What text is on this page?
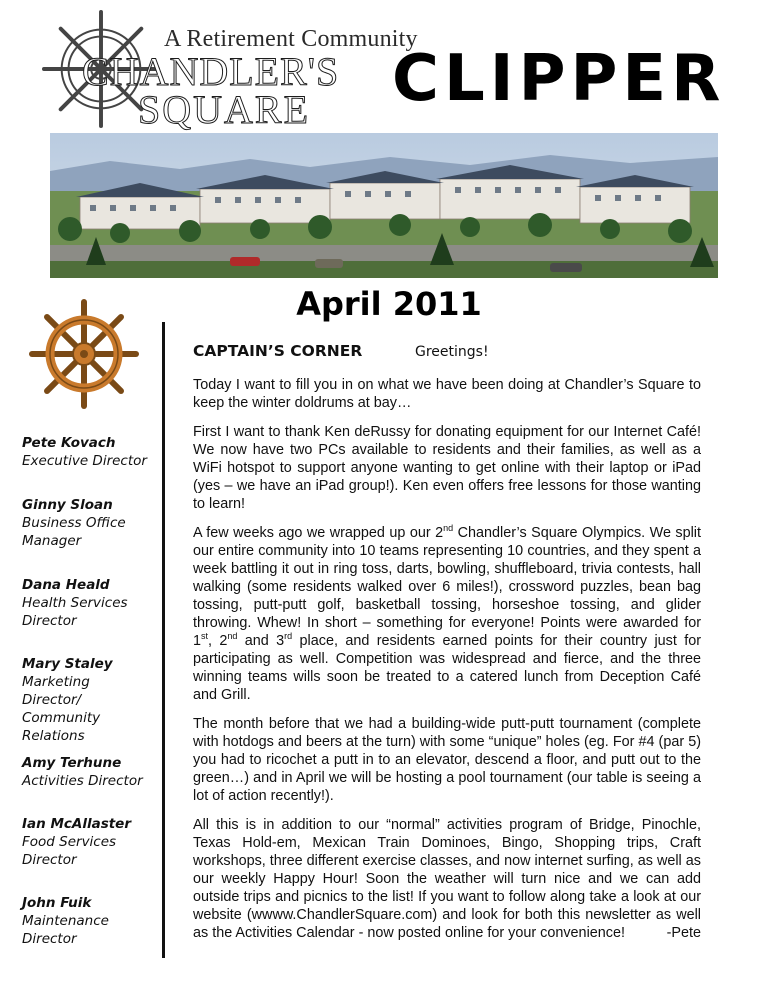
A Retirement Community
CHANDLER'S
SQUARE CLIPPER
April 2011
Pete Kovach
Executive Director
Ginny Sloan
Business Office Manager
Dana Heald
Health Services Director
Mary Staley
Marketing Director/ Community Relations
Amy Terhune
Activities Director
Ian McAllaster
Food Services Director
John Fuik
Maintenance Director
CAPTAIN’S CORNER	Greetings!

Today I want to fill you in on what we have been doing at Chandler’s Square to keep the winter doldrums at bay…

First I want to thank Ken deRussy for donating equipment for our Internet Café! We now have two PCs available to residents and their families, as well as a WiFi hotspot to support anyone wanting to get online with their laptop or iPad (yes – we have an iPad group!). Ken even offers free lessons for those wanting to learn!

A few weeks ago we wrapped up our 2nd Chandler’s Square Olympics. We split our entire community into 10 teams representing 10 countries, and they spent a week battling it out in ring toss, darts, bowling, shuffleboard, trivia contests, hall walking (some residents walked over 6 miles!), crossword puzzles, bean bag tossing, putt-putt golf, basketball tossing, horseshoe tossing, and glider throwing. Whew! In short – something for everyone! Points were awarded for 1st, 2nd and 3rd place, and residents earned points for their country just for participating as well. Competition was widespread and fierce, and the three winning teams wills soon be treated to a catered lunch from Deception Café and Grill.

The month before that we had a building-wide putt-putt tournament (complete with hotdogs and beers at the turn) with some “unique” holes (eg. For #4 (par 5) you had to ricochet a putt in to an elevator, descend a floor, and putt out to the green…) and in April we will be hosting a pool tournament (our table is seeing a lot of action recently!).

All this is in addition to our “normal” activities program of Bridge, Pinochle, Texas Hold-em, Mexican Train Dominoes, Bingo, Shopping trips, Craft workshops, three different exercise classes, and now internet surfing, as well as our weekly Happy Hour! Soon the weather will turn nice and we can add outside trips and picnics to the list! If you want to follow along take a look at our website (wwww.ChandlerSquare.com) and look for both this newsletter as well as the Activities Calendar - now posted online for your convenience!	-Pete
